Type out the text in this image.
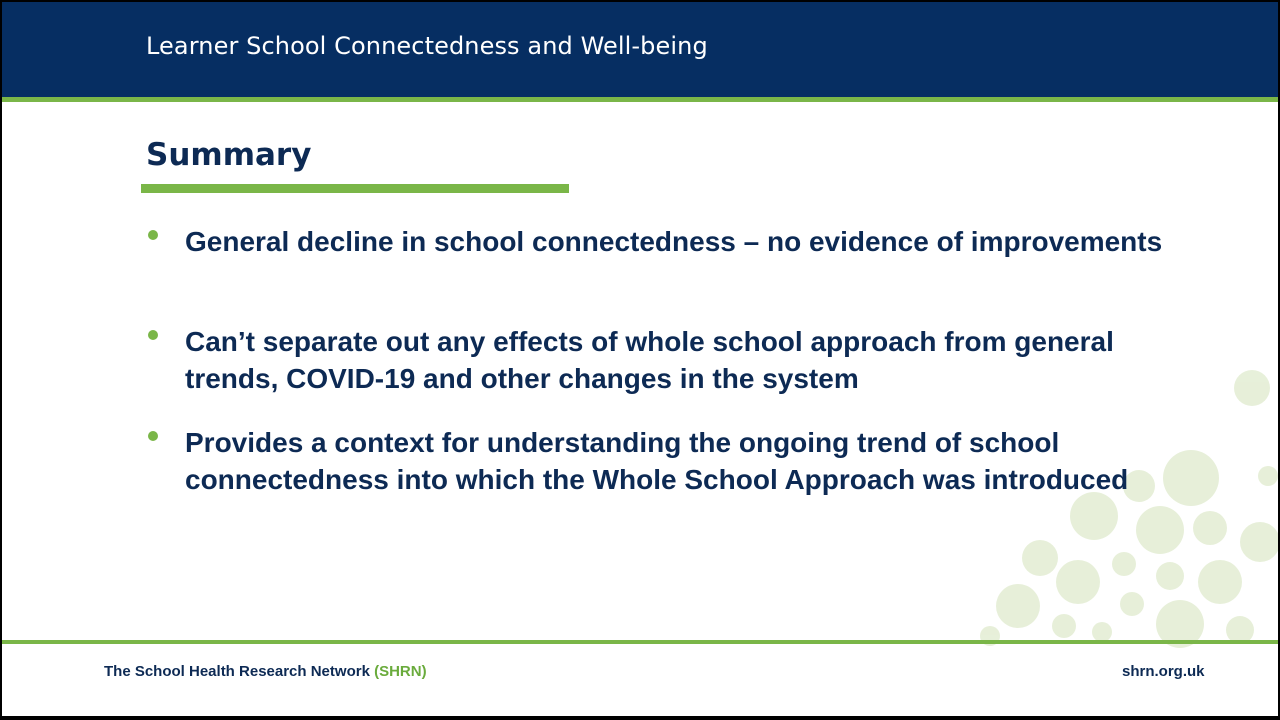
Learner School Connectedness and Well-being
Summary
General decline in school connectedness – no evidence of improvements
Can’t separate out any effects of whole school approach from general trends, COVID-19 and other changes in the system
Provides a context for understanding the ongoing trend of school connectedness into which the Whole School Approach was introduced
The School Health Research Network (SHRN)	shrn.org.uk
